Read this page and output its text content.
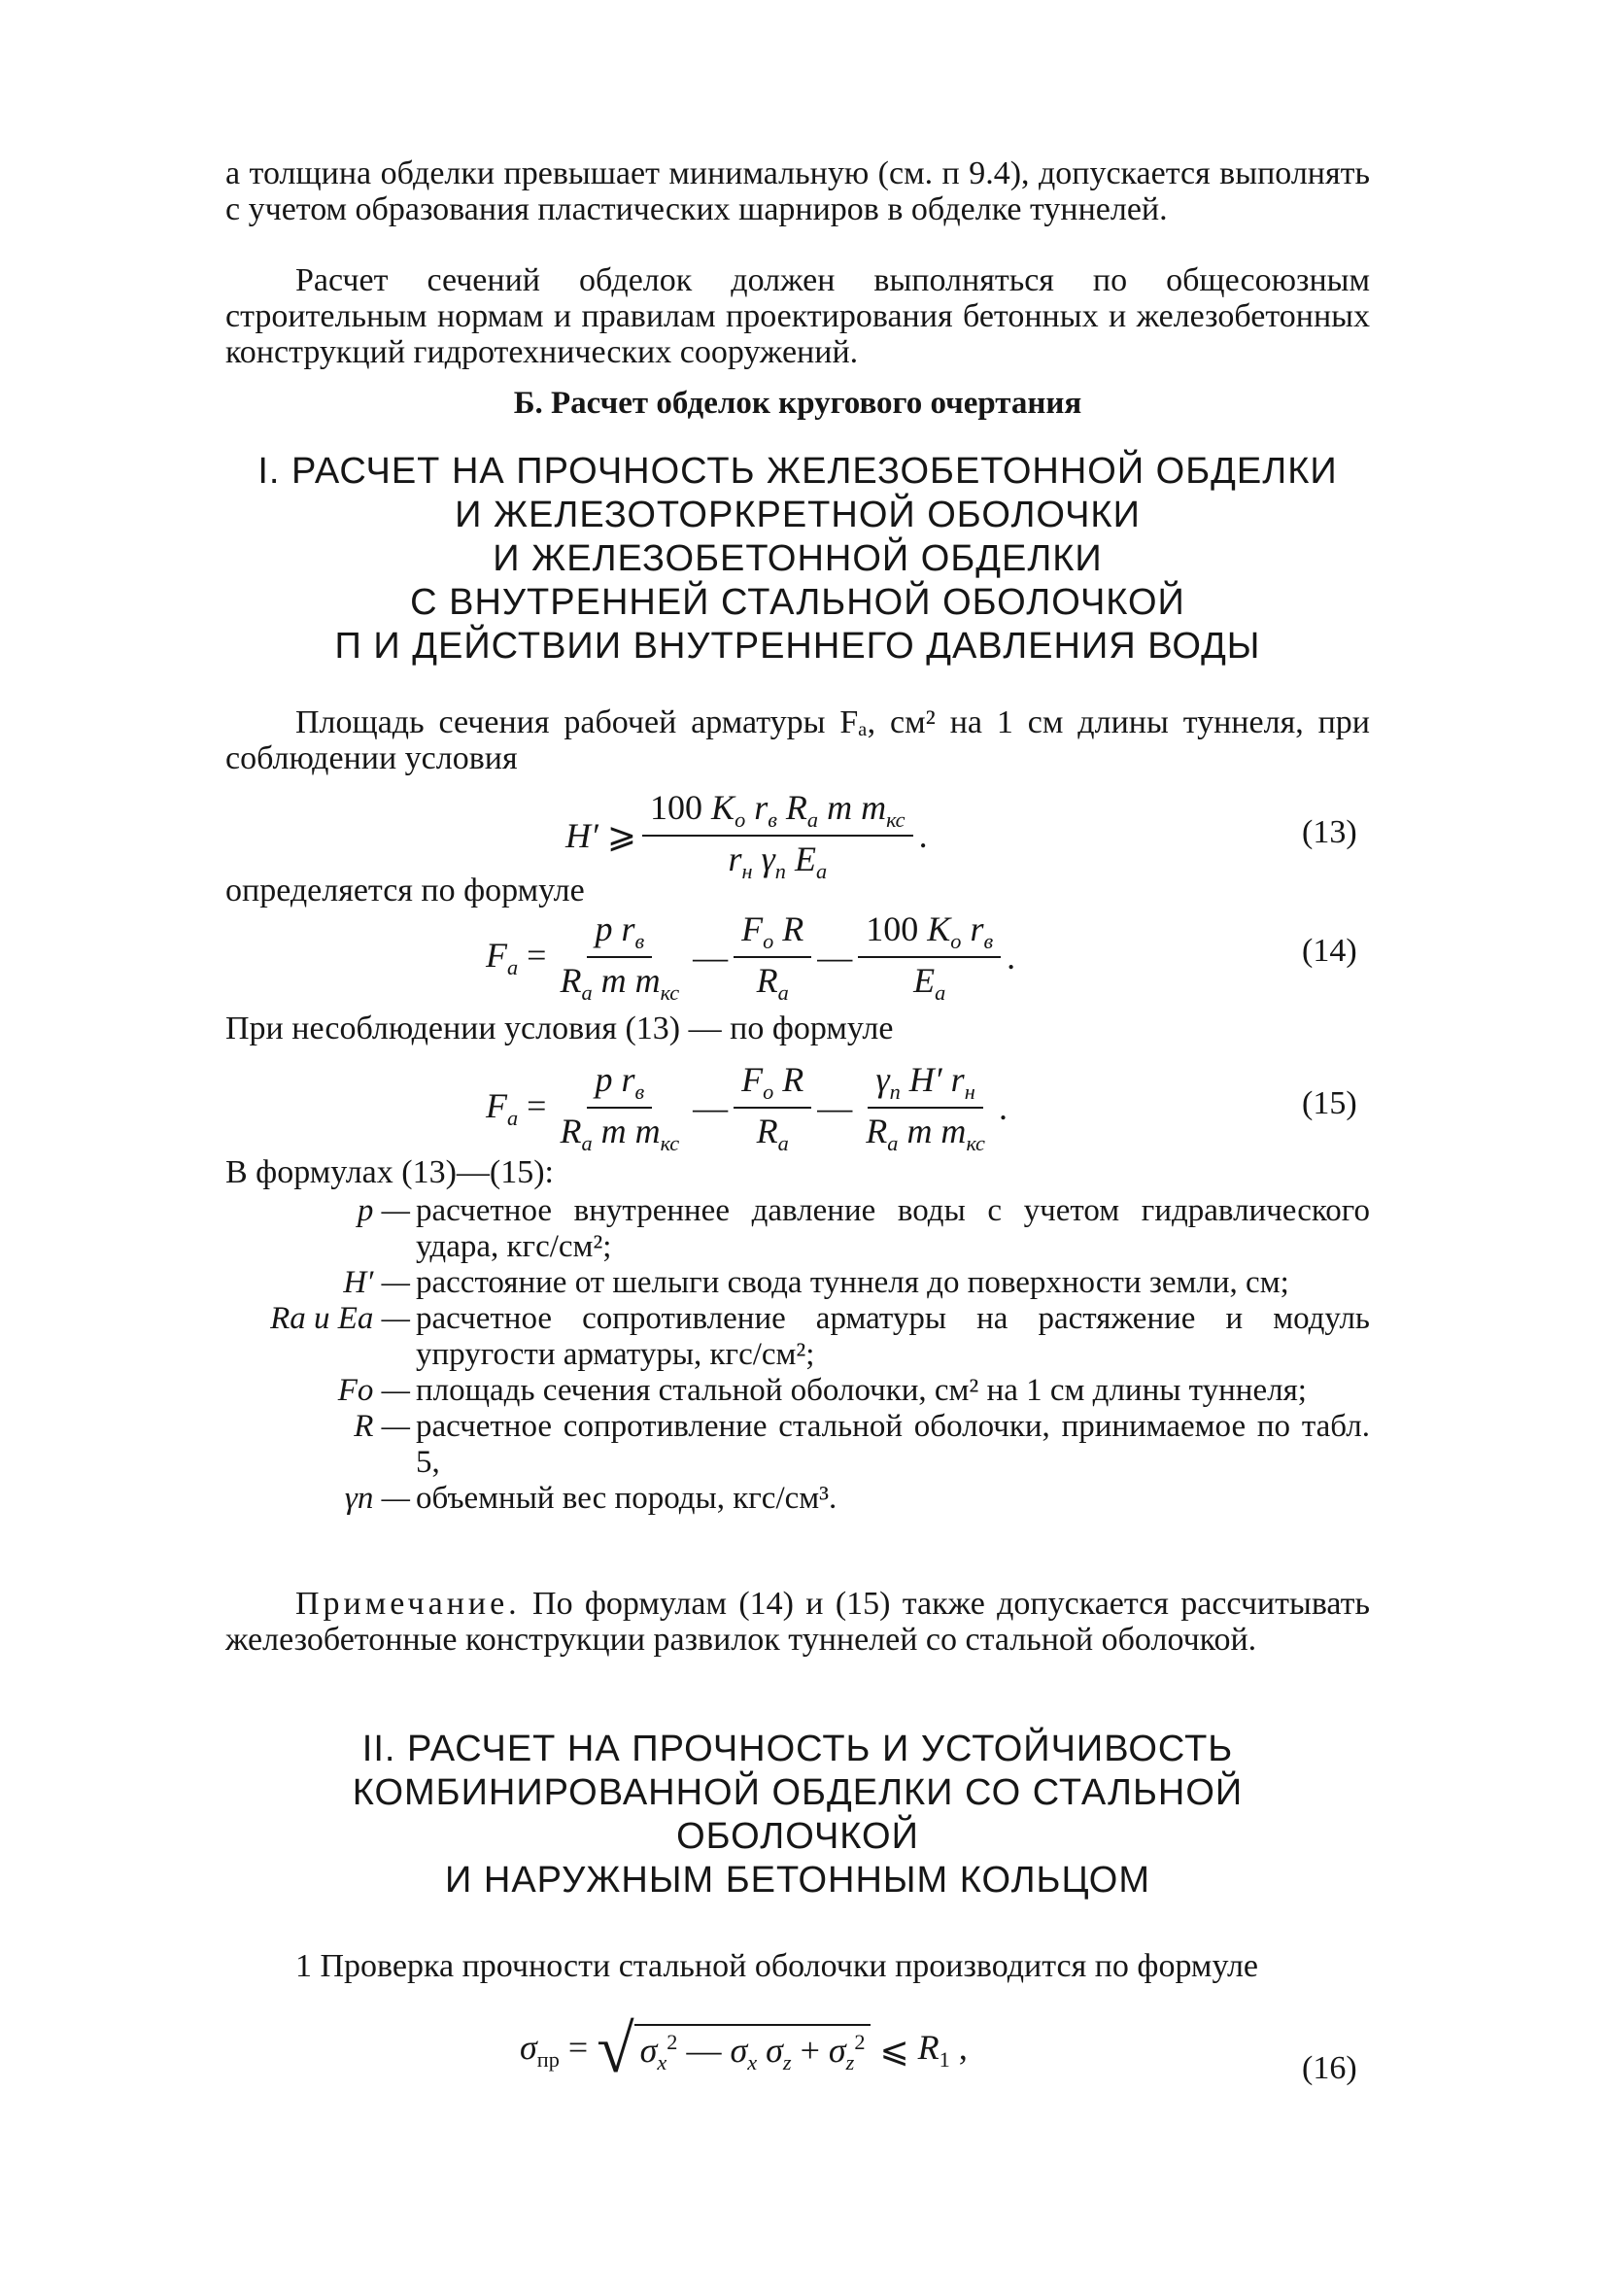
а толщина обделки превышает минимальную (см. п 9.4), допускается выполнять с учетом образования пластических шарниров в обделке туннелей.
Расчет сечений обделок должен выполняться по общесоюзным строительным нормам и правилам проектирования бетонных и железобетонных конструкций гидротехнических сооружений.
Б. Расчет обделок кругового очертания
I. РАСЧЕТ НА ПРОЧНОСТЬ ЖЕЛЕЗОБЕТОННОЙ ОБДЕЛКИ
И ЖЕЛЕЗОТОРКРЕТНОЙ ОБОЛОЧКИ
И ЖЕЛЕЗОБЕТОННОЙ ОБДЕЛКИ
С ВНУТРЕННЕЙ СТАЛЬНОЙ ОБОЛОЧКОЙ
П И ДЕЙСТВИИ ВНУТРЕННЕГО ДАВЛЕНИЯ ВОДЫ
Площадь сечения рабочей арматуры Fₐ, см² на 1 см длины туннеля, при соблюдении условия
H′ ⩾ $\frac{100 K_o r_в R_а m m_{кс}}{r_н \gamma_п E_а}$ .	(13)
определяется по формуле
$F_а = \frac{p r_в}{R_а m m_{кс}}$ — $\frac{F_o R}{R_а}$ — $\frac{100 K_o r_в}{E_а}$ .	(14)
При несоблюдении условия (13) — по формуле
$F_а = \frac{p r_в}{R_а m m_{кс}}$ — $\frac{F_o R}{R_а}$ — $\frac{\gamma_п H' r_н}{R_а m m_{кс}}$ .	(15)
В формулах (13)—(15):
p — расчетное внутреннее давление воды с учетом гидравлического удара, кгс/см²;
H′ — расстояние от шелыги свода туннеля до поверхности земли, см;
Rа и Eа — расчетное сопротивление арматуры на растяжение и модуль упругости арматуры, кгс/см²;
Fо — площадь сечения стальной оболочки, см² на 1 см длины туннеля;
R — расчетное сопротивление стальной оболочки, принимаемое по табл. 5,
γп — объемный вес породы, кгс/см³.
Примечание. По формулам (14) и (15) также допускается рассчитывать железобетонные конструкции развилок туннелей со стальной оболочкой.
II. РАСЧЕТ НА ПРОЧНОСТЬ И УСТОЙЧИВОСТЬ
КОМБИНИРОВАННОЙ ОБДЕЛКИ СО СТАЛЬНОЙ
ОБОЛОЧКОЙ
И НАРУЖНЫМ БЕТОННЫМ КОЛЬЦОМ
1 Проверка прочности стальной оболочки производится по формуле
$\sigma_{пр}$ = √ $\sigma_x^2$ — $\sigma_x$ $\sigma_z + \sigma_z^2$ ⩽ $R_1$ ,
(16)
